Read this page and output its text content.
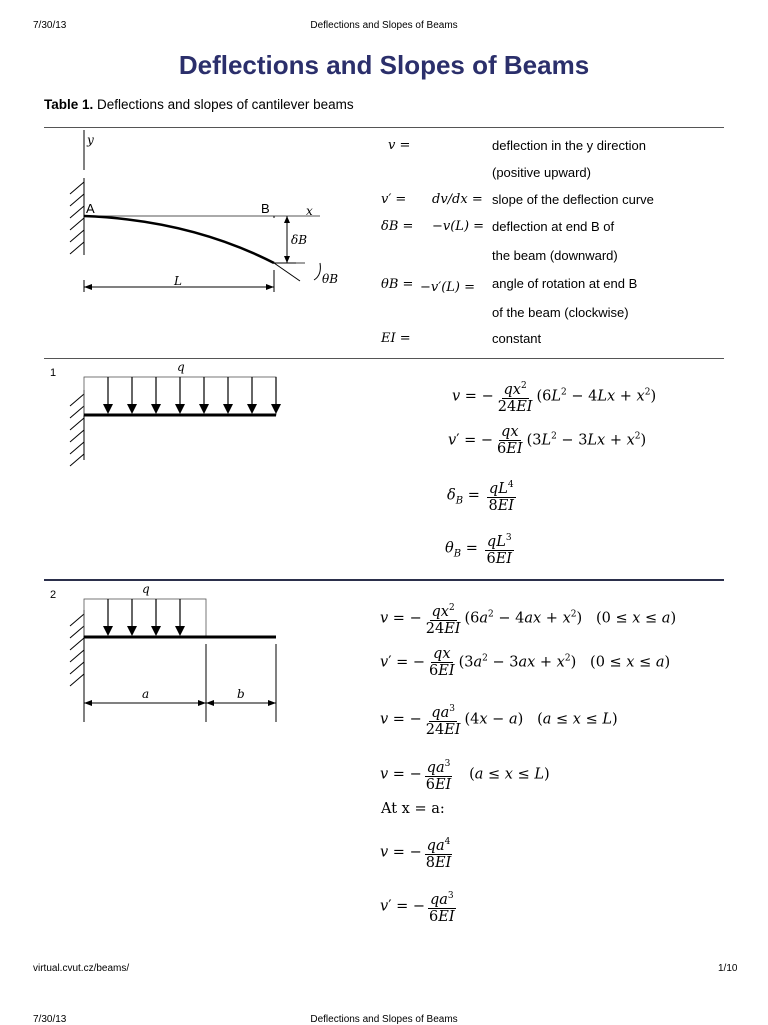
7/30/13	Deflections and Slopes of Beams
Deflections and Slopes of Beams
Table 1. Deflections and slopes of cantilever beams
y
x
A	B
L
δB
θB
v =	deflection in the y direction
(positive upward)
v′ = dv/dx = slope of the deflection curve
δB = −v(L) = deflection at end B of
the beam (downward)
θB = −v′(L) = angle of rotation at end B
of the beam (clockwise)
EI =	constant
1	q
v = − $\frac{qx^2}{24EI} (6L^2 - 4Lx + x^2)$
v′ = − $\frac{qx}{6EI} (3L^2 - 3Lx + x^2)$
$\delta_B = \frac{qL^4}{8EI}$
$\theta_B = \frac{qL^3}{6EI}$
2	q
a	b
v = − $\frac{qx^2}{24EI} (6a^2 - 4ax + x^2) (0 \le x \le a)$
v′ = − $\frac{qx}{6EI} (3a^2 - 3ax + x^2) (0 \le x \le a)$
v = − $\frac{qa^3}{24EI} (4x - a) (a \le x \le L)$
v = − $\frac{qa^3}{6EI} (a \le x \le L)$
At x = a:
v = − $\frac{qa^4}{8EI}$
v′ = − $\frac{qa^3}{6EI}$
virtual.cvut.cz/beams/	1/10
7/30/13	Deflections and Slopes of Beams
